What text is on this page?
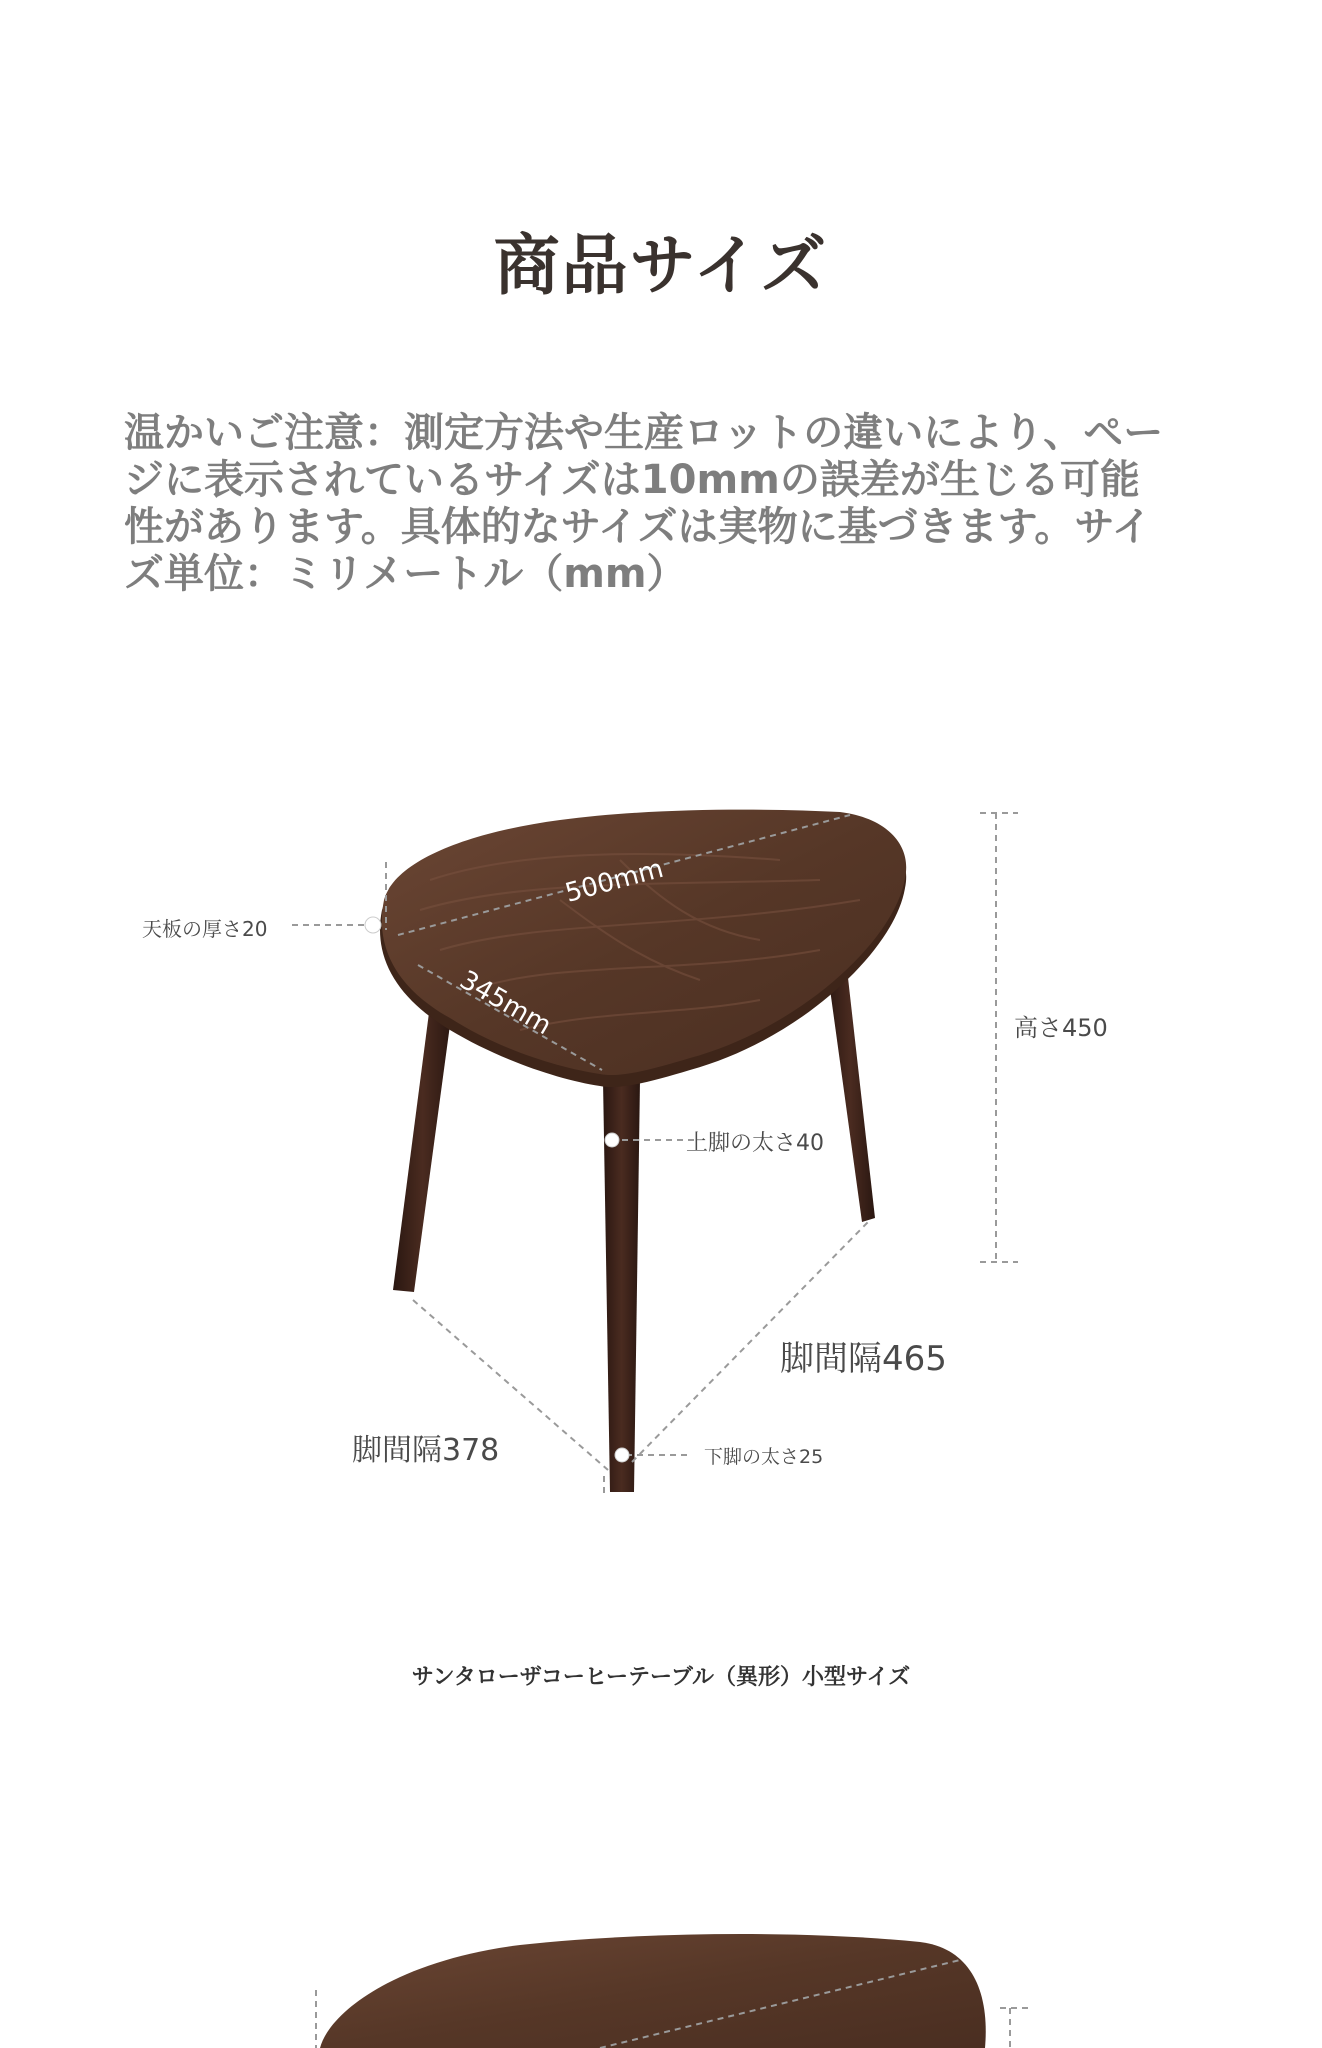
商品サイズ

温かいご注意：測定方法や生産ロットの違いにより、ページに表示されているサイズは10mmの誤差が生じる可能性があります。具体的なサイズは実物に基づきます。サイズ単位：ミリメートル（mm）

天板の厚さ20
500mm
345mm	高さ450
上脚の太さ40
脚間隔465
脚間隔378	下脚の太さ25

サンタローザコーヒーテーブル（異形）小型サイズ
